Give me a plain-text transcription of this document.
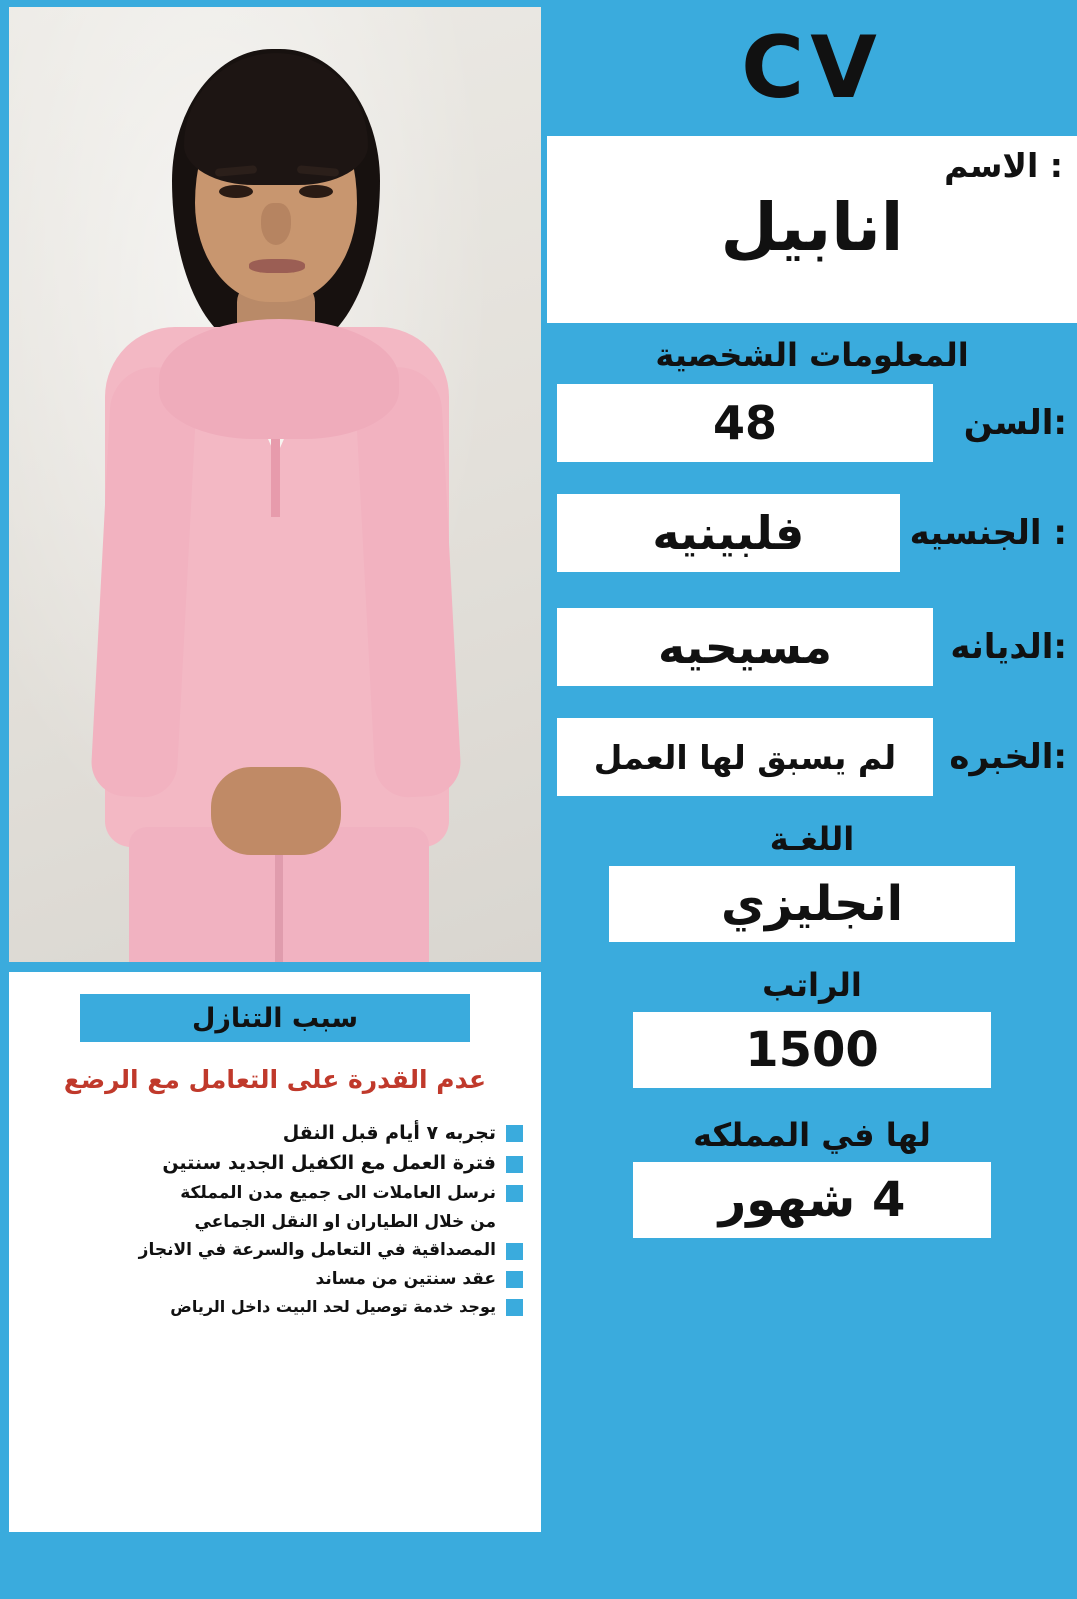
سبب التنازل
عدم القدرة على التعامل مع الرضع
تجربه ٧ أيام قبل النقل
فترة العمل مع الكفيل الجديد سنتين
نرسل العاملات الى جميع مدن المملكة
من خلال الطياران او النقل الجماعي
المصداقية في التعامل والسرعة في الانجاز
عقد سنتين من مساند
يوجد خدمة توصيل لحد البيت داخل الرياض
CV
: الاسم
انابيل
المعلومات الشخصية
:السن
48
: الجنسيه
فلبينيه
:الديانه
مسيحيه
:الخبره
لم يسبق لها العمل
اللغـة
انجليزي
الراتب
1500
لها في المملكه
4 شهور
